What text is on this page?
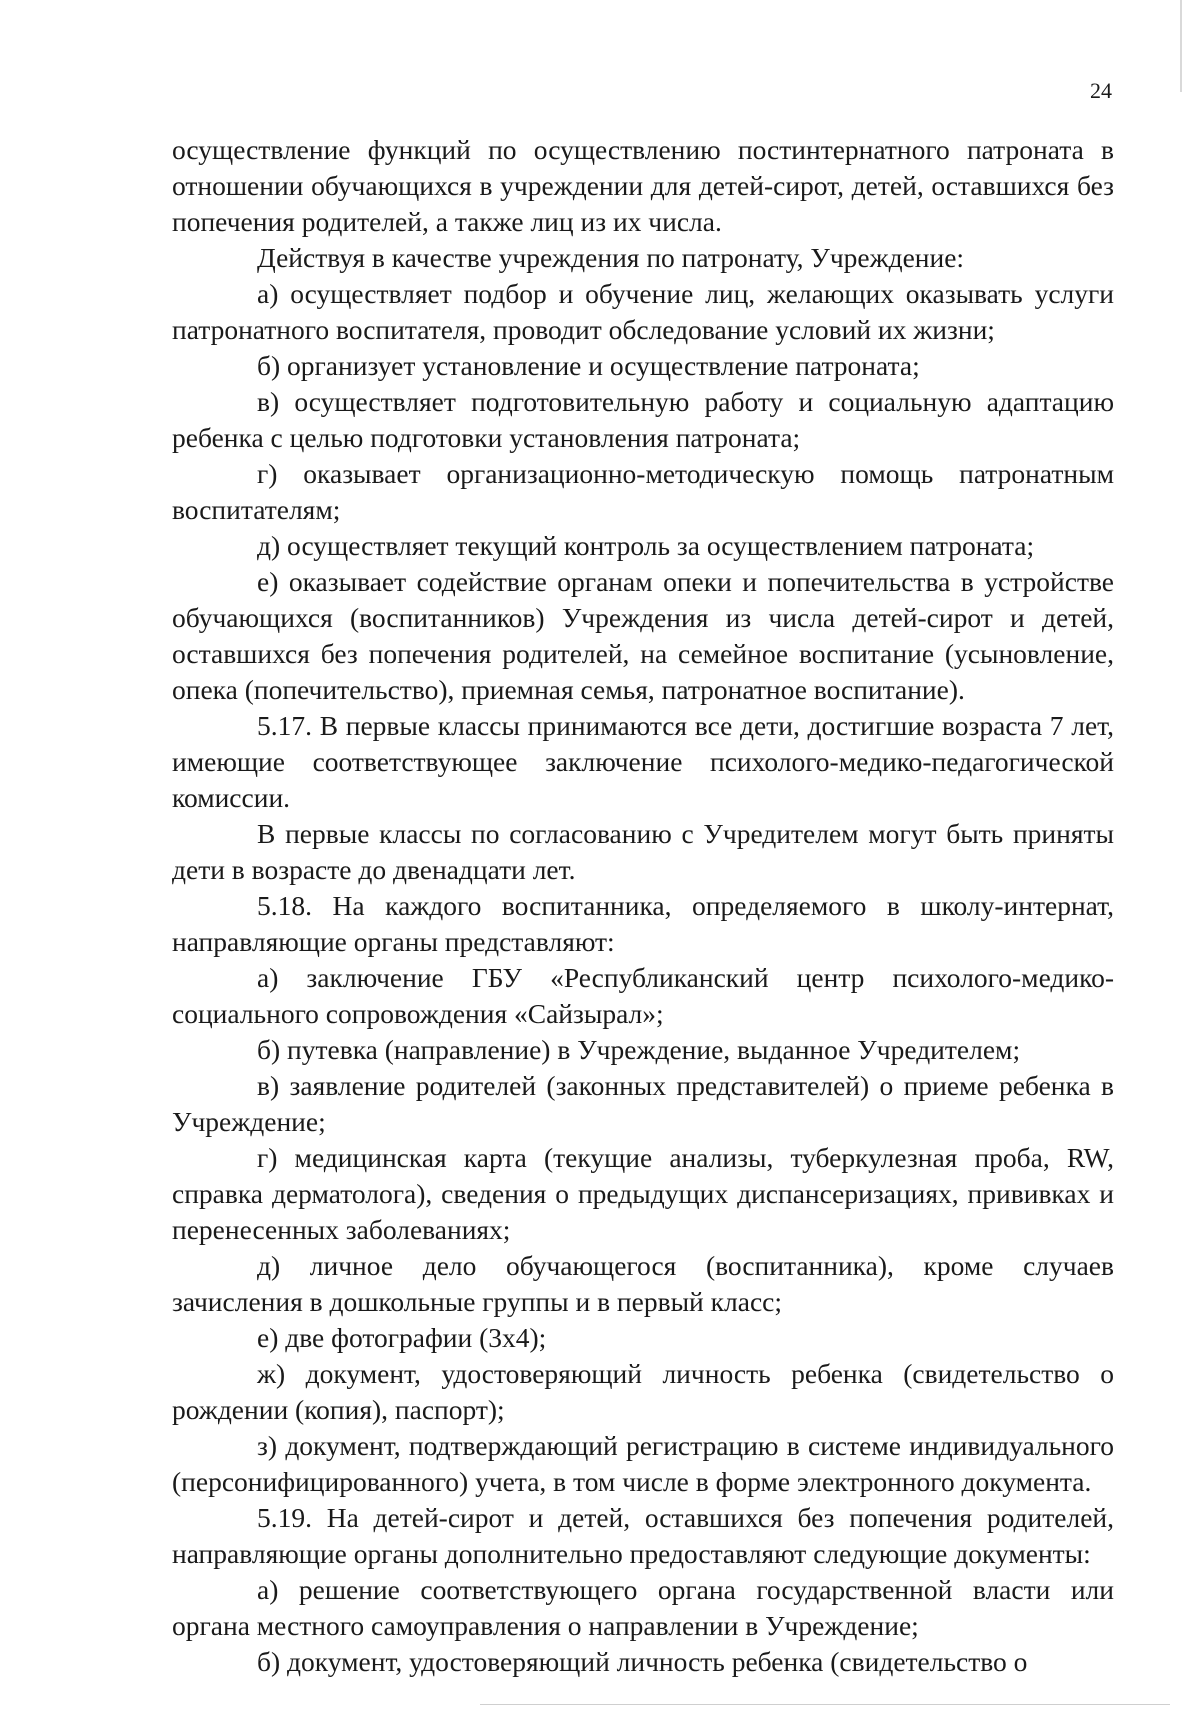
24

осуществление функций по осуществлению постинтернатного патроната в отношении обучающихся в учреждении для детей-сирот, детей, оставшихся без попечения родителей, а также лиц из их числа.

Действуя в качестве учреждения по патронату, Учреждение:

а) осуществляет подбор и обучение лиц, желающих оказывать услуги патронатного воспитателя, проводит обследование условий их жизни;

б) организует установление и осуществление патроната;

в) осуществляет подготовительную работу и социальную адаптацию ребенка с целью подготовки установления патроната;

г) оказывает организационно-методическую помощь патронатным воспитателям;

д) осуществляет текущий контроль за осуществлением патроната;

е) оказывает содействие органам опеки и попечительства в устройстве обучающихся (воспитанников) Учреждения из числа детей-сирот и детей, оставшихся без попечения родителей, на семейное воспитание (усыновление, опека (попечительство), приемная семья, патронатное воспитание).

5.17. В первые классы принимаются все дети, достигшие возраста 7 лет, имеющие соответствующее заключение психолого-медико-педагогической комиссии.

В первые классы по согласованию с Учредителем могут быть приняты дети в возрасте до двенадцати лет.

5.18. На каждого воспитанника, определяемого в школу-интернат, направляющие органы представляют:

а) заключение ГБУ «Республиканский центр психолого-медико-социального сопровождения «Сайзырал»;

б) путевка (направление) в Учреждение, выданное Учредителем;

в) заявление родителей (законных представителей) о приеме ребенка в Учреждение;

г) медицинская карта (текущие анализы, туберкулезная проба, RW, справка дерматолога), сведения о предыдущих диспансеризациях, прививках и перенесенных заболеваниях;

д) личное дело обучающегося (воспитанника), кроме случаев зачисления в дошкольные группы и в первый класс;

е) две фотографии (3х4);

ж) документ, удостоверяющий личность ребенка (свидетельство о рождении (копия), паспорт);

з) документ, подтверждающий регистрацию в системе индивидуального (персонифицированного) учета, в том числе в форме электронного документа.

5.19. На детей-сирот и детей, оставшихся без попечения родителей, направляющие органы дополнительно предоставляют следующие документы:

а) решение соответствующего органа государственной власти или органа местного самоуправления о направлении в Учреждение;

б) документ, удостоверяющий личность ребенка (свидетельство о
